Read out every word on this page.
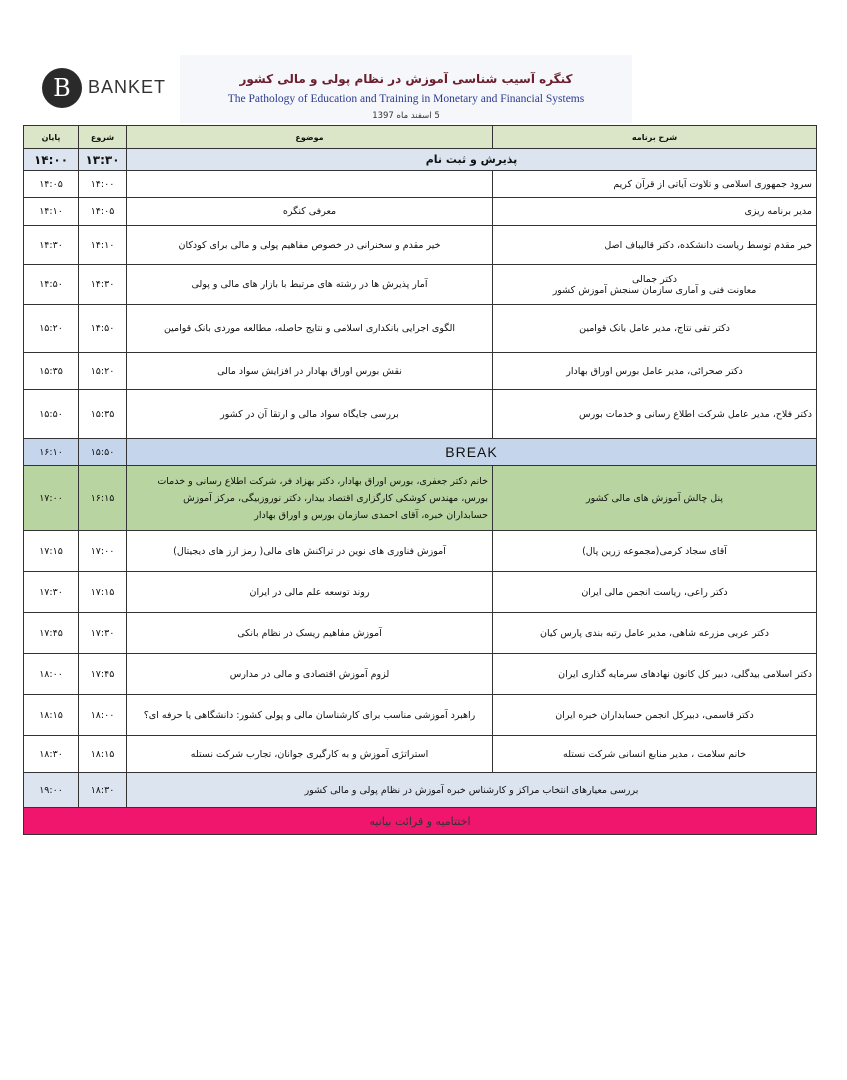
B BANKET	کنگره آسیب شناسی آموزش در نظام پولی و مالی کشور
The Pathology of Education and Training in Monetary and Financial Systems
5 اسفند ماه 1397
پایان	شروع	موضوع	شرح برنامه
۱۴:۰۰	۱۳:۳۰	پذیرش و ثبت نام	
۱۴:۰۵	۱۴:۰۰		سرود جمهوری اسلامی و تلاوت آیاتی از قرآن کریم
۱۴:۱۰	۱۴:۰۵	معرفی کنگره	مدیر برنامه ریزی
۱۴:۳۰	۱۴:۱۰	خیر مقدم و سخنرانی در خصوص مفاهیم پولی و مالی برای کودکان	خیر مقدم توسط ریاست دانشکده، دکتر قالیباف اصل
۱۴:۵۰	۱۴:۳۰	آمار پذیرش ها در رشته های مرتبط با بازار های مالی و پولی	دکتر جمالی
معاونت فنی و آماری سازمان سنجش آموزش کشور

۱۵:۲۰	۱۴:۵۰	الگوی اجرایی بانکداری اسلامی و نتایج حاصله، مطالعه موردی بانک قوامین	دکتر تقی نتاج، مدیر عامل بانک قوامین
۱۵:۳۵	۱۵:۲۰	نقش بورس اوراق بهادار در افزایش سواد مالی	دکتر صحرائی، مدیر عامل بورس اوراق بهادار
۱۵:۵۰	۱۵:۳۵	بررسی جایگاه سواد مالی و ارتقا آن در کشور	دکتر فلاح، مدیر عامل شرکت اطلاع رسانی و خدمات بورس
۱۶:۱۰	۱۵:۵۰	BREAK	
۱۷:۰۰	۱۶:۱۵	خانم دکتر جعفری، بورس اوراق بهادار، دکتر بهزاد فر، شرکت اطلاع رسانی و خدمات
بورس، مهندس کوشکی کارگزاری اقتصاد بیدار، دکتر نوروزبیگی، مرکز آموزش
حسابداران خبره، آقای احمدی سازمان بورس و اوراق بهادار	پنل چالش آموزش های مالی کشور
۱۷:۱۵	۱۷:۰۰	آموزش فناوری های نوین در تراکنش های مالی( رمز ارز های دیجیتال)	آقای سجاد کرمی(مجموعه زرین پال)
۱۷:۳۰	۱۷:۱۵	روند توسعه علم مالی در ایران	دکتر راعی، ریاست انجمن مالی ایران
۱۷:۴۵	۱۷:۳۰	آموزش مفاهیم ریسک در نظام بانکی	دکتر عربی مزرعه شاهی، مدیر عامل رتبه بندی پارس کیان
۱۸:۰۰	۱۷:۴۵	لزوم آموزش اقتصادی و مالی در مدارس	دکتر اسلامی بیدگلی، دبیر کل کانون نهادهای سرمایه گذاری ایران
۱۸:۱۵	۱۸:۰۰	راهبرد آموزشی مناسب برای کارشناسان مالی و پولی کشور: دانشگاهی یا حرفه ای؟	دکتر قاسمی، دبیرکل انجمن حسابداران خبره ایران
۱۸:۳۰	۱۸:۱۵	استراتژی آموزش و به کارگیری جوانان، تجارب شرکت نستله	خانم سلامت ، مدیر منابع انسانی شرکت نستله
۱۹:۰۰	۱۸:۳۰	بررسی معیارهای انتخاب مراکز و کارشناس خبره آموزش در نظام پولی و مالی کشور	
اختتامیه و قرائت بیانیه			
